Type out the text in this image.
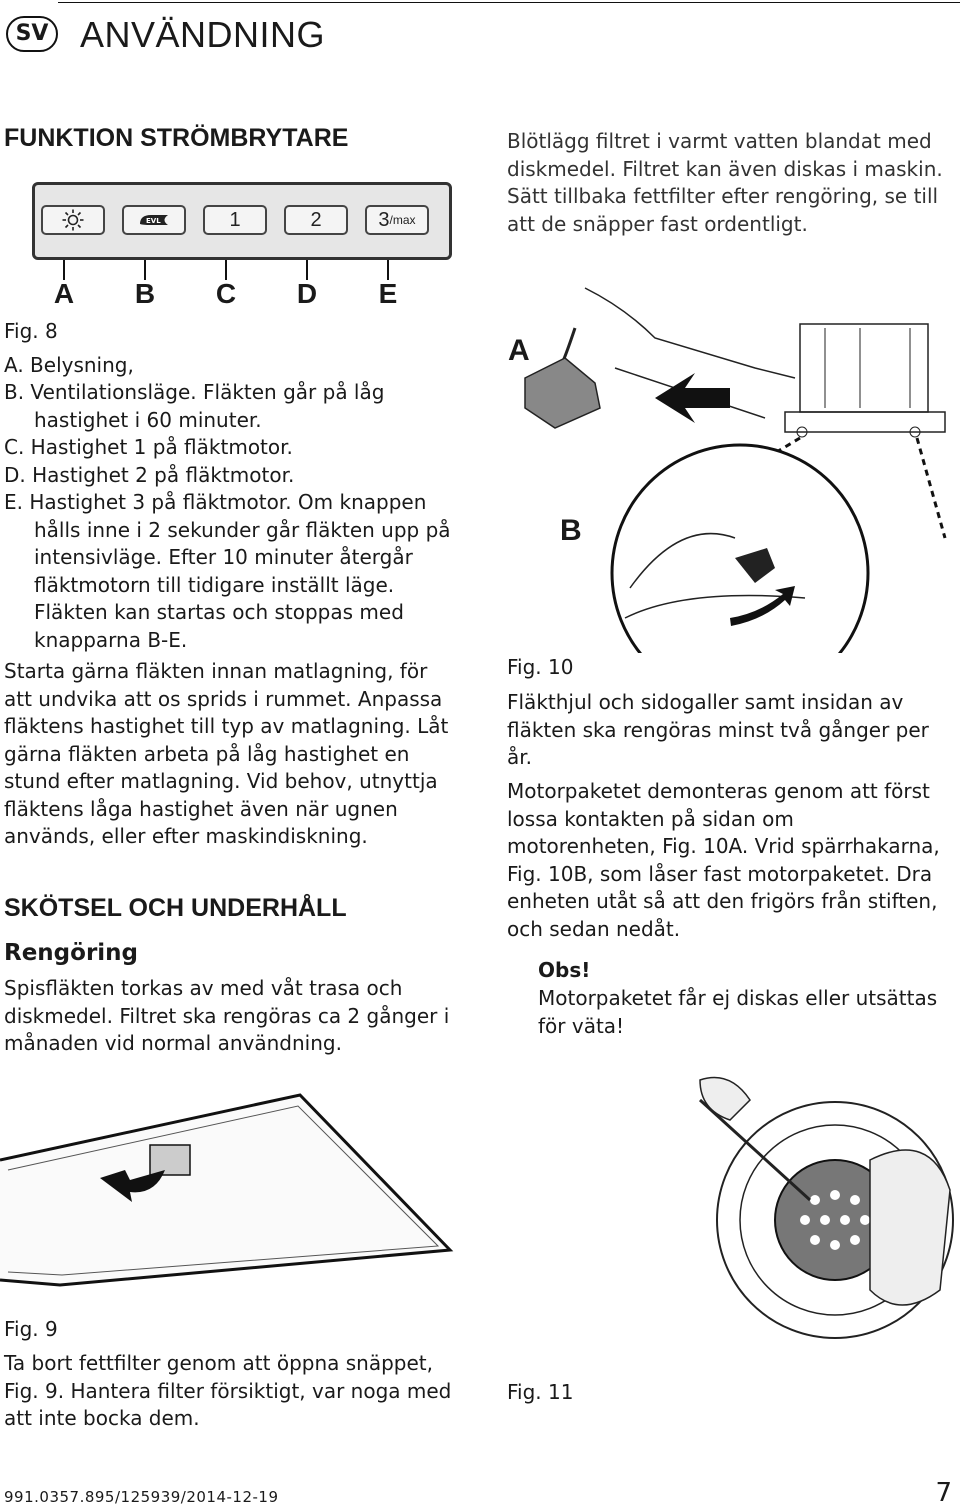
SV ANVÄNDNING
FUNKTION STRÖMBRYTARE
EVL	1	2	3 /max
A	B	C	D	E

Fig. 8

A. Belysning,

B. Ventilationsläge. Fläkten går på låg hastighet i 60 minuter.

C. Hastighet 1 på fläktmotor.

D. Hastighet 2 på fläktmotor.

E. Hastighet 3 på fläktmotor. Om knappen hålls inne i 2 sekunder går fläkten upp på intensivläge. Efter 10 minuter återgår fläktmotorn till tidigare inställt läge. Fläkten kan startas och stoppas med knapparna B-E.

Starta gärna fläkten innan matlagning, för att undvika att os sprids i rummet. Anpassa fläktens hastighet till typ av matlagning. Låt gärna fläkten arbeta på låg hastighet en stund efter matlagning. Vid behov, utnyttja fläktens låga hastighet även när ugnen används, eller efter maskindiskning.

SKÖTSEL OCH UNDERHÅLL
Rengöring
Spisfläkten torkas av med våt trasa och diskmedel. Filtret ska rengöras ca 2 gånger i månaden vid normal användning.
Blötlägg filtret i varmt vatten blandat med diskmedel. Filtret kan även diskas i maskin. Sätt tillbaka fettfilter efter rengöring, se till att de snäpper fast ordentligt.
A
B
Fig. 10
Fläkthjul och sidogaller samt insidan av fläkten ska rengöras minst två gånger per år.
Motorpaketet demonteras genom att först lossa kontakten på sidan om motorenheten, Fig. 10A. Vrid spärrhakarna, Fig. 10B, som låser fast motorpaketet. Dra enheten utåt så att den frigörs från stiften, och sedan nedåt.
Obs!
Motorpaketet får ej diskas eller utsättas för väta!
Fig. 9
Ta bort fettfilter genom att öppna snäppet, Fig. 9. Hantera filter försiktigt, var noga med att inte bocka dem.
Fig. 11
991.0357.895/125939/2014-12-19	7
